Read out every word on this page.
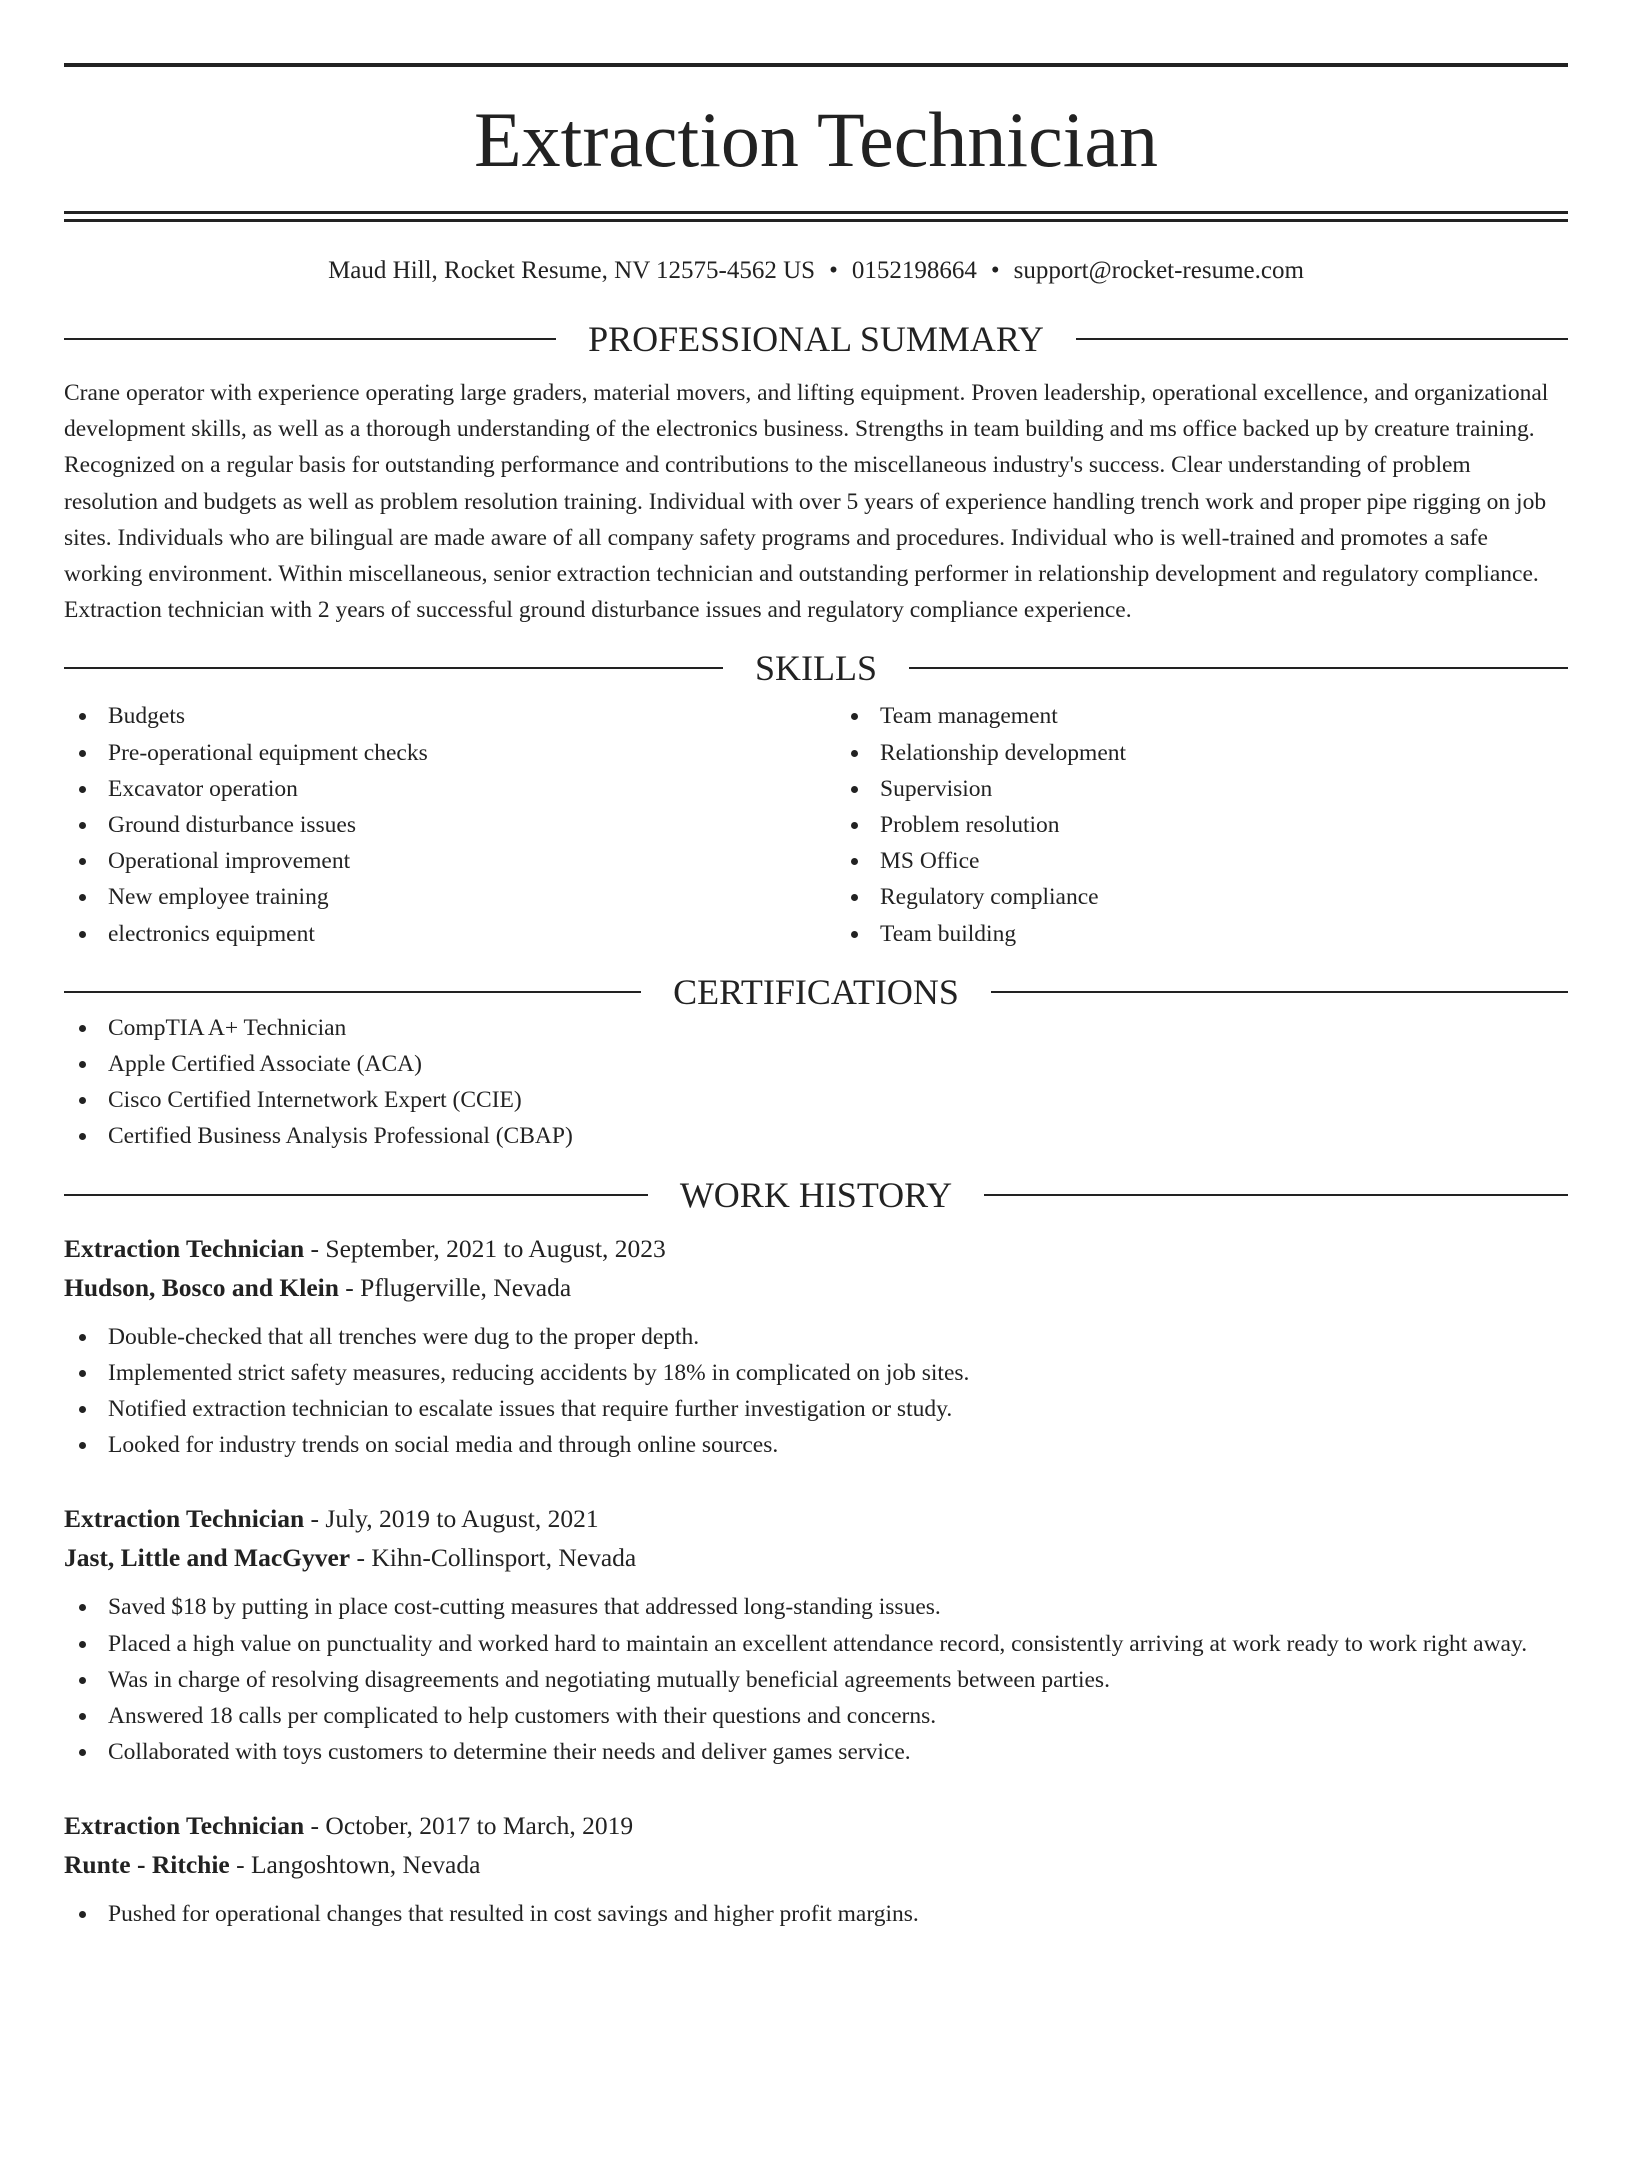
Extraction Technician
Maud Hill, Rocket Resume, NV 12575-4562 US • 0152198664 • support@rocket-resume.com
PROFESSIONAL SUMMARY

Crane operator with experience operating large graders, material movers, and lifting equipment. Proven leadership, operational excellence, and organizational development skills, as well as a thorough understanding of the electronics business. Strengths in team building and ms office backed up by creature training. Recognized on a regular basis for outstanding performance and contributions to the miscellaneous industry's success. Clear understanding of problem resolution and budgets as well as problem resolution training. Individual with over 5 years of experience handling trench work and proper pipe rigging on job sites. Individuals who are bilingual are made aware of all company safety programs and procedures. Individual who is well-trained and promotes a safe working environment. Within miscellaneous, senior extraction technician and outstanding performer in relationship development and regulatory compliance. Extraction technician with 2 years of successful ground disturbance issues and regulatory compliance experience.

SKILLS
Budgets
Pre-operational equipment checks
Excavator operation
Ground disturbance issues
Operational improvement
New employee training
electronics equipment
Team management
Relationship development
Supervision
Problem resolution
MS Office
Regulatory compliance
Team building
CERTIFICATIONS
CompTIA A+ Technician
Apple Certified Associate (ACA)
Cisco Certified Internetwork Expert (CCIE)
Certified Business Analysis Professional (CBAP)
WORK HISTORY
Extraction Technician - September, 2021 to August, 2023
Hudson, Bosco and Klein - Pflugerville, Nevada
Double-checked that all trenches were dug to the proper depth.
Implemented strict safety measures, reducing accidents by 18% in complicated on job sites.
Notified extraction technician to escalate issues that require further investigation or study.
Looked for industry trends on social media and through online sources.
Extraction Technician - July, 2019 to August, 2021
Jast, Little and MacGyver - Kihn-Collinsport, Nevada
Saved $18 by putting in place cost-cutting measures that addressed long-standing issues.
Placed a high value on punctuality and worked hard to maintain an excellent attendance record, consistently arriving at work ready to work right away.
Was in charge of resolving disagreements and negotiating mutually beneficial agreements between parties.
Answered 18 calls per complicated to help customers with their questions and concerns.
Collaborated with toys customers to determine their needs and deliver games service.
Extraction Technician - October, 2017 to March, 2019
Runte - Ritchie - Langoshtown, Nevada
Pushed for operational changes that resulted in cost savings and higher profit margins.
